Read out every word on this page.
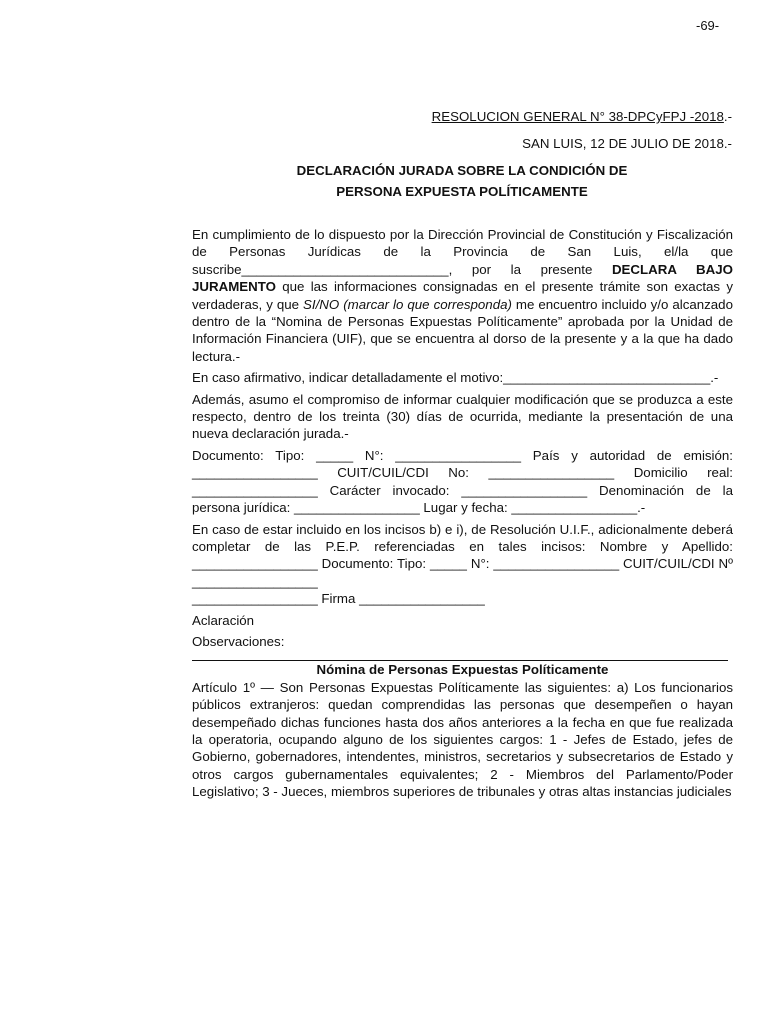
-69-
RESOLUCION GENERAL N° 38-DPCyFPJ -2018.-
SAN LUIS, 12 DE JULIO DE 2018.-
DECLARACIÓN JURADA SOBRE LA CONDICIÓN DE
PERSONA EXPUESTA POLÍTICAMENTE

En cumplimiento de lo dispuesto por la Dirección Provincial de Constitución y Fiscalización de Personas Jurídicas de la Provincia de San Luis, el/la que suscribe____________________________, por la presente DECLARA BAJO JURAMENTO que las informaciones consignadas en el presente trámite son exactas y verdaderas, y que SI/NO (marcar lo que corresponda) me encuentro incluido y/o alcanzado dentro de la “Nomina de Personas Expuestas Políticamente” aprobada por la Unidad de Información Financiera (UIF), que se encuentra al dorso de la presente y a la que ha dado lectura.-

En caso afirmativo, indicar detalladamente el motivo:____________________________.-

Además, asumo el compromiso de informar cualquier modificación que se produzca a este respecto, dentro de los treinta (30) días de ocurrida, mediante la presentación de una nueva declaración jurada.-

Documento: Tipo: _____ N°: _________________ País y autoridad de emisión: _________________ CUIT/CUIL/CDI No: _________________ Domicilio real: _________________ Carácter invocado: _________________ Denominación de la persona jurídica: _________________ Lugar y fecha: _________________.-

En caso de estar incluido en los incisos b) e i), de Resolución U.I.F., adicionalmente deberá completar de las P.E.P. referenciadas en tales incisos: Nombre y Apellido: _________________ Documento: Tipo: _____ N°: _________________ CUIT/CUIL/CDI Nº _________________

_________________ Firma _________________

Aclaración

Observaciones:

Nómina de Personas Expuestas Políticamente

Artículo 1º — Son Personas Expuestas Políticamente las siguientes: a) Los funcionarios públicos extranjeros: quedan comprendidas las personas que desempeñen o hayan desempeñado dichas funciones hasta dos años anteriores a la fecha en que fue realizada la operatoria, ocupando alguno de los siguientes cargos: 1 - Jefes de Estado, jefes de Gobierno, gobernadores, intendentes, ministros, secretarios y subsecretarios de Estado y otros cargos gubernamentales equivalentes; 2 - Miembros del Parlamento/Poder Legislativo; 3 - Jueces, miembros superiores de tribunales y otras altas instancias judiciales
